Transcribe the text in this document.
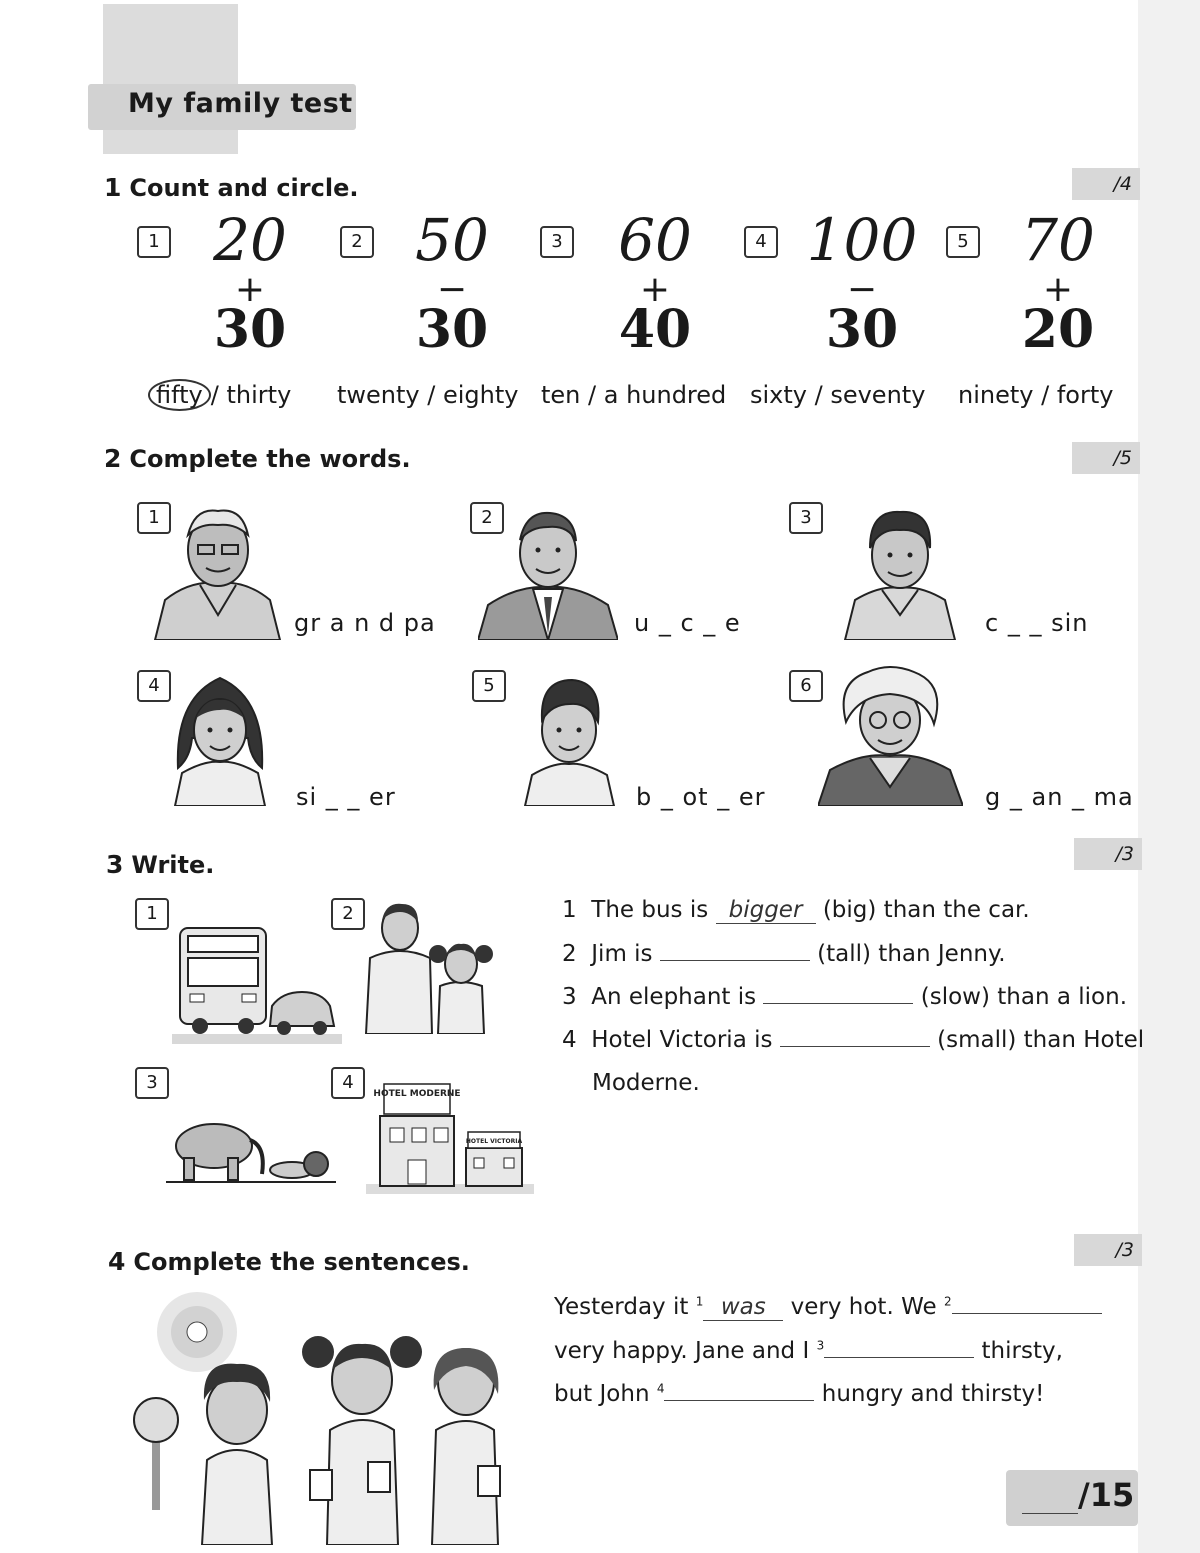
My family test
1 Count and circle.	/4
1 20
+
30
2 50
−
30
3 60
+
40
4 100
−
30
5 70
+
20
fifty / thirty twenty / eighty ten / a hundred sixty / seventy ninety / forty
2 Complete the words.	/5
1	2	3
4	5	6
gr a n d pa	u _ c _ e	c _ _ sin
si _ _ er	b _ ot _ er	g _ an _ ma
3 Write.	/3
1	2
3	4
HOTEL MODERNE
HOTEL VICTORIA
1 The bus is bigger (big) than the car.
2 Jim is	(tall) than Jenny.
3 An elephant is	(slow) than a lion.
4 Hotel Victoria is	(small) than Hotel
Moderne.
4 Complete the sentences.	/3
Yesterday it $^1$ was very hot. We $^2$
very happy. Jane and I $^3$	thirsty,
but John $^4$	hungry and thirsty!
/15
